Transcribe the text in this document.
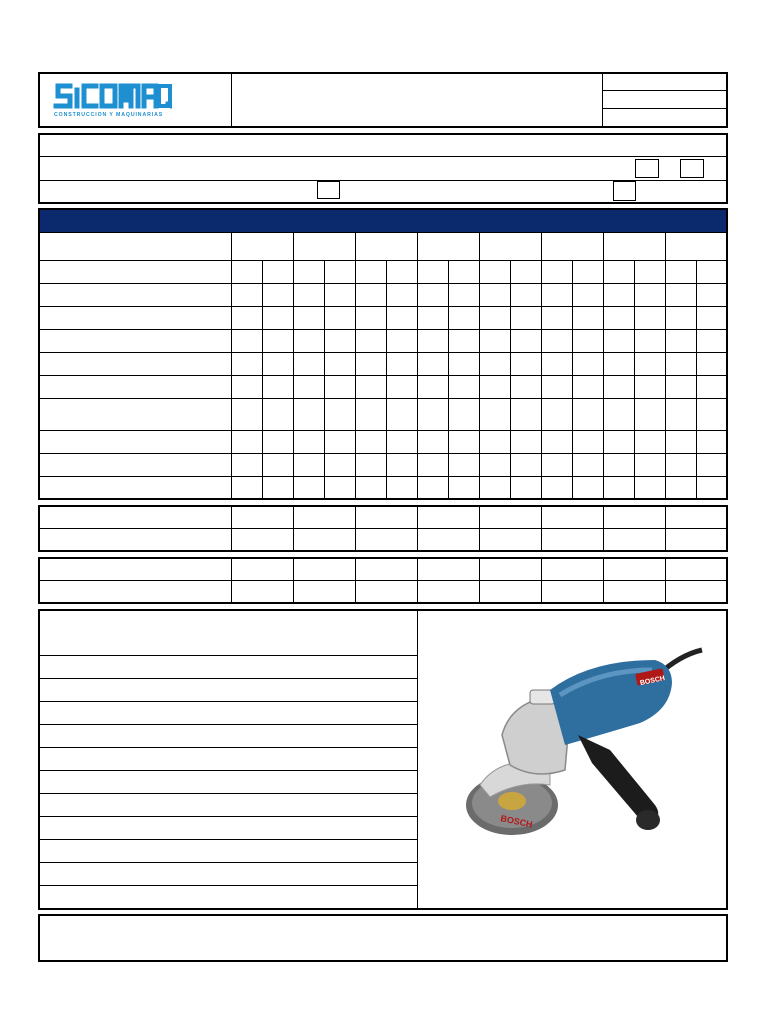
CONSTRUCCION Y MAQUINARIAS
BOSCH
BOSCH
